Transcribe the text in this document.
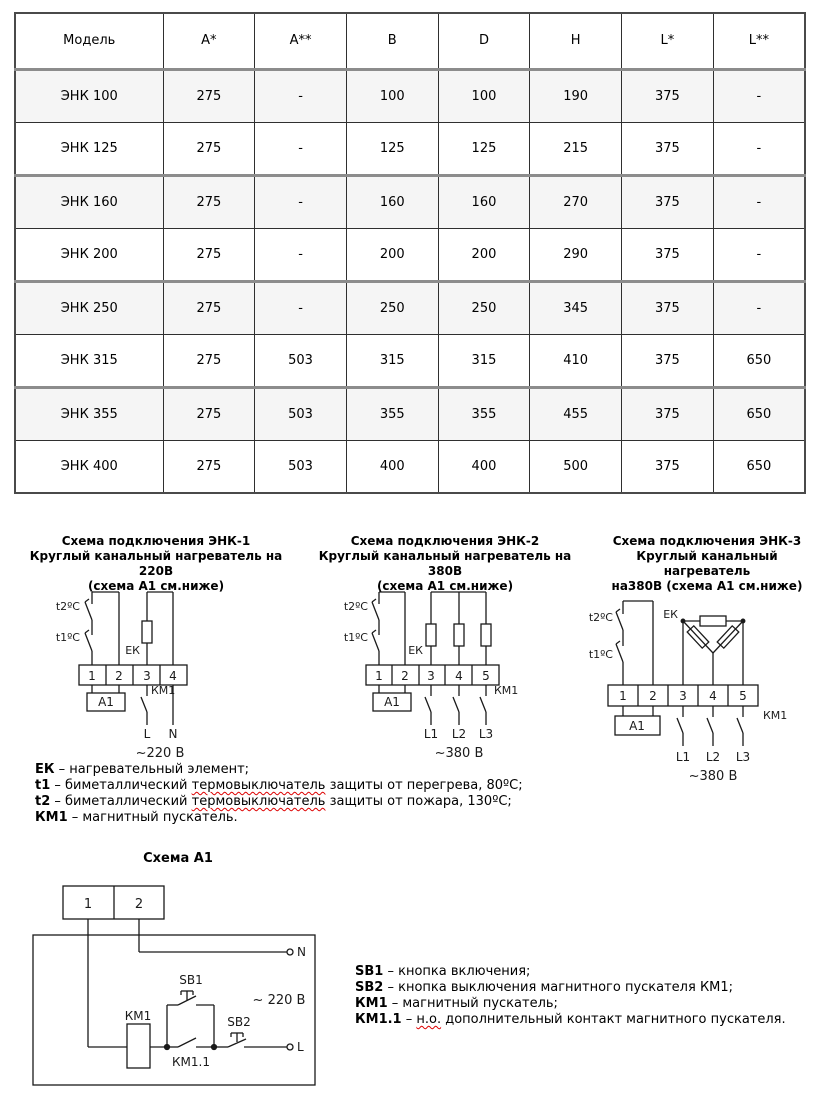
Модель	A*	A**	B	D	H	L*	L**
ЭНК 100	275	-	100	100	190	375	-
ЭНК 125	275	-	125	125	215	375	-
ЭНК 160	275	-	160	160	270	375	-
ЭНК 200	275	-	200	200	290	375	-
ЭНК 250	275	-	250	250	345	375	-
ЭНК 315	275	503	315	315	410	375	650
ЭНК 355	275	503	355	355	455	375	650
ЭНК 400	275	503	400	400	500	375	650
Схема подключения ЭНК-1
Круглый канальный нагреватель на 220В
(схема А1 см.ниже)
Схема подключения ЭНК-2
Круглый канальный нагреватель на 380В
(схема А1 см.ниже)
Схема подключения ЭНК-3
Круглый канальный нагреватель
на380В (схема А1 см.ниже)
t2ºC
t1ºC
ЕК
1 2 3 4
А1
КМ1
L N
~220 В
t2ºC
t1ºC
ЕК
1 2 3 4 5
А1
КМ1
L1 L2 L3
~380 В
t2ºC
t1ºC
ЕК
1 2 3 4 5
А1
КМ1
L1 L2 L3
~380 В
ЕК – нагревательный элемент;
t1 – биметаллический термовыключатель защиты от перегрева, 80ºС;
t2 – биметаллический термовыключатель защиты от пожара, 130ºС;
КМ1 – магнитный пускатель.
Схема А1
1	2
N
КМ1
КМ1.1
SB1
SB2
L
~ 220 В
SB1 – кнопка включения;
SB2 – кнопка выключения магнитного пускателя КМ1;
КМ1 – магнитный пускатель;
КМ1.1 – н.о. дополнительный контакт магнитного пускателя.
